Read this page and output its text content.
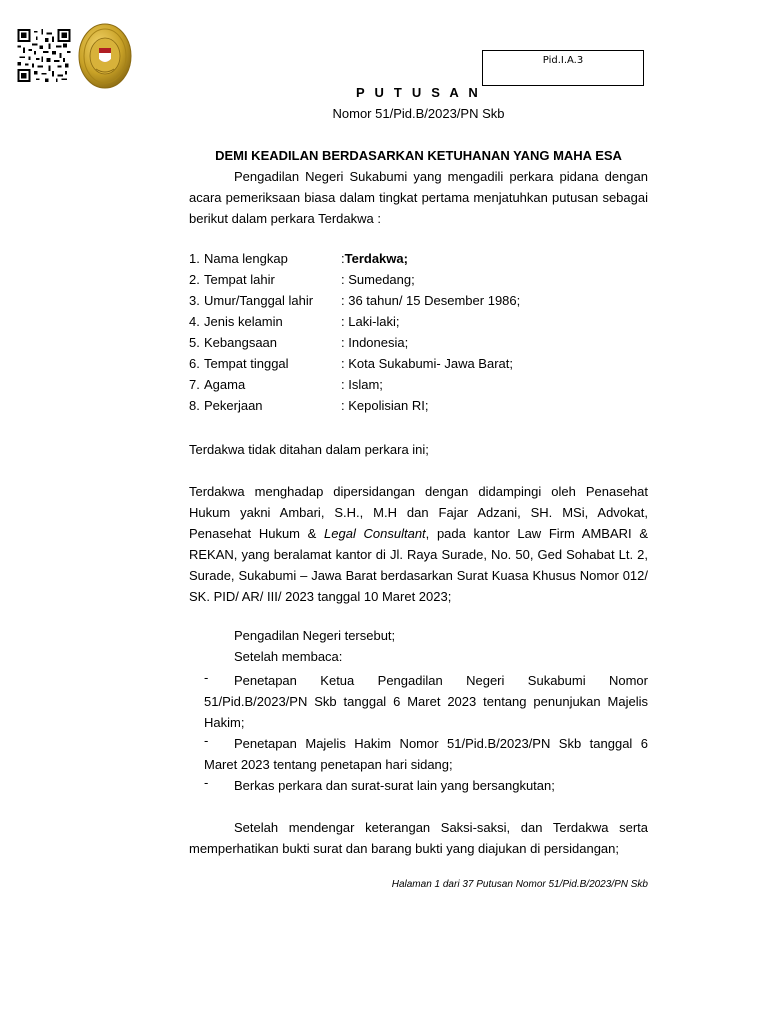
Pid.I.A.3
P U T U S A N
Nomor 51/Pid.B/2023/PN Skb
DEMI KEADILAN BERDASARKAN KETUHANAN YANG MAHA ESA
Pengadilan Negeri Sukabumi yang mengadili perkara pidana dengan acara pemeriksaan biasa dalam tingkat pertama menjatuhkan putusan sebagai berikut dalam perkara Terdakwa :
1. Nama lengkap	:Terdakwa;
2. Tempat lahir	: Sumedang;
3. Umur/Tanggal lahir : 36 tahun/ 15 Desember 1986;
4. Jenis kelamin	: Laki-laki;
5. Kebangsaan	: Indonesia;
6. Tempat tinggal	: Kota Sukabumi- Jawa Barat;
7. Agama	: Islam;
8. Pekerjaan	: Kepolisian RI;
Terdakwa tidak ditahan dalam perkara ini;
Terdakwa menghadap dipersidangan dengan didampingi oleh Penasehat Hukum yakni Ambari, S.H., M.H dan Fajar Adzani, SH. MSi, Advokat, Penasehat Hukum & Legal Consultant, pada kantor Law Firm AMBARI & REKAN, yang beralamat kantor di Jl. Raya Surade, No. 50, Ged Sohabat Lt. 2, Surade, Sukabumi – Jawa Barat berdasarkan Surat Kuasa Khusus Nomor 012/ SK. PID/ AR/ III/ 2023 tanggal 10 Maret 2023;
Pengadilan Negeri tersebut;
Setelah membaca:
-	Penetapan Ketua Pengadilan Negeri Sukabumi Nomor 51/Pid.B/2023/PN Skb tanggal 6 Maret 2023 tentang penunjukan Majelis Hakim;
-	Penetapan Majelis Hakim Nomor 51/Pid.B/2023/PN Skb tanggal 6 Maret 2023 tentang penetapan hari sidang;
-	Berkas perkara dan surat-surat lain yang bersangkutan;
Setelah mendengar keterangan Saksi-saksi, dan Terdakwa serta memperhatikan bukti surat dan barang bukti yang diajukan di persidangan;
Halaman 1 dari 37 Putusan Nomor 51/Pid.B/2023/PN Skb
